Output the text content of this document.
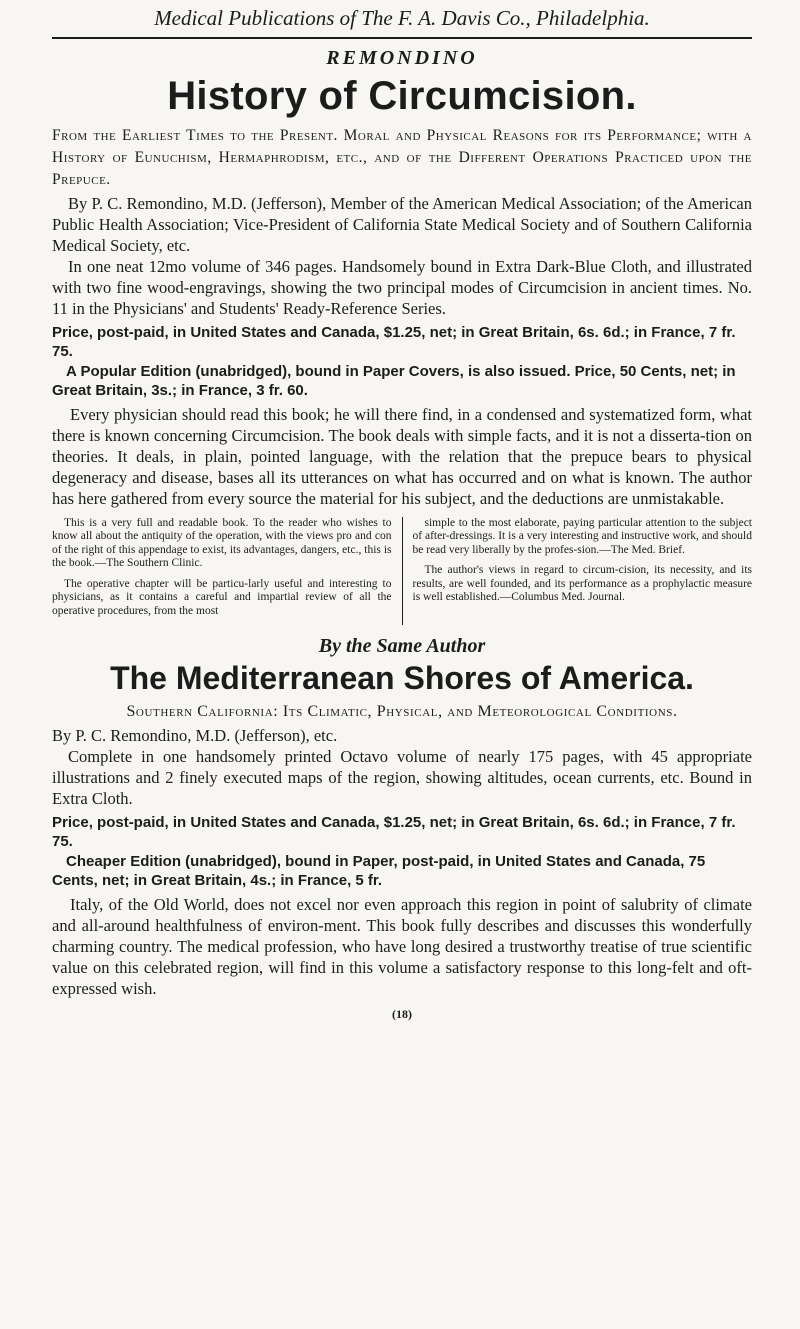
Medical Publications of The F. A. Davis Co., Philadelphia.
REMONDINO
History of Circumcision.

From the Earliest Times to the Present. Moral and Physical Reasons for its Performance; with a History of Eunuchism, Hermaphrodism, etc., and of the Different Operations Practiced upon the Prepuce.

By P. C. Remondino, M.D. (Jefferson), Member of the American Medical Association; of the American Public Health Association; Vice-President of California State Medical Society and of Southern California Medical Society, etc.

In one neat 12mo volume of 346 pages. Handsomely bound in Extra Dark-Blue Cloth, and illustrated with two fine wood-engravings, showing the two principal modes of Circumcision in ancient times. No. 11 in the Physicians' and Students' Ready-Reference Series.

Price, post-paid, in United States and Canada, $1.25, net; in Great Britain, 6s. 6d.; in France, 7 fr. 75.

A Popular Edition (unabridged), bound in Paper Covers, is also issued. Price, 50 Cents, net; in Great Britain, 3s.; in France, 3 fr. 60.

Every physician should read this book; he will there find, in a condensed and systematized form, what there is known concerning Circumcision. The book deals with simple facts, and it is not a disserta-tion on theories. It deals, in plain, pointed language, with the relation that the prepuce bears to physical degeneracy and disease, bases all its utterances on what has occurred and on what is known. The author has here gathered from every source the material for his subject, and the deductions are unmistakable.

This is a very full and readable book. To the reader who wishes to know all about the antiquity of the operation, with the views pro and con of the right of this appendage to exist, its advantages, dangers, etc., this is the book.—The Southern Clinic.

The operative chapter will be particu-larly useful and interesting to physicians, as it contains a careful and impartial review of all the operative procedures, from the most

simple to the most elaborate, paying particular attention to the subject of after-dressings. It is a very interesting and instructive work, and should be read very liberally by the profes-sion.—The Med. Brief.

The author's views in regard to circum-cision, its necessity, and its results, are well founded, and its performance as a prophylactic measure is well established.—Columbus Med. Journal.

By the Same Author
The Mediterranean Shores of America.

Southern California: Its Climatic, Physical, and Meteorological Conditions.

By P. C. Remondino, M.D. (Jefferson), etc.

Complete in one handsomely printed Octavo volume of nearly 175 pages, with 45 appropriate illustrations and 2 finely executed maps of the region, showing altitudes, ocean currents, etc. Bound in Extra Cloth.

Price, post-paid, in United States and Canada, $1.25, net; in Great Britain, 6s. 6d.; in France, 7 fr. 75.

Cheaper Edition (unabridged), bound in Paper, post-paid, in United States and Canada, 75 Cents, net; in Great Britain, 4s.; in France, 5 fr.

Italy, of the Old World, does not excel nor even approach this region in point of salubrity of climate and all-around healthfulness of environ-ment. This book fully describes and discusses this wonderfully charming country. The medical profession, who have long desired a trustworthy treatise of true scientific value on this celebrated region, will find in this volume a satisfactory response to this long-felt and oft-expressed wish.

(18)
